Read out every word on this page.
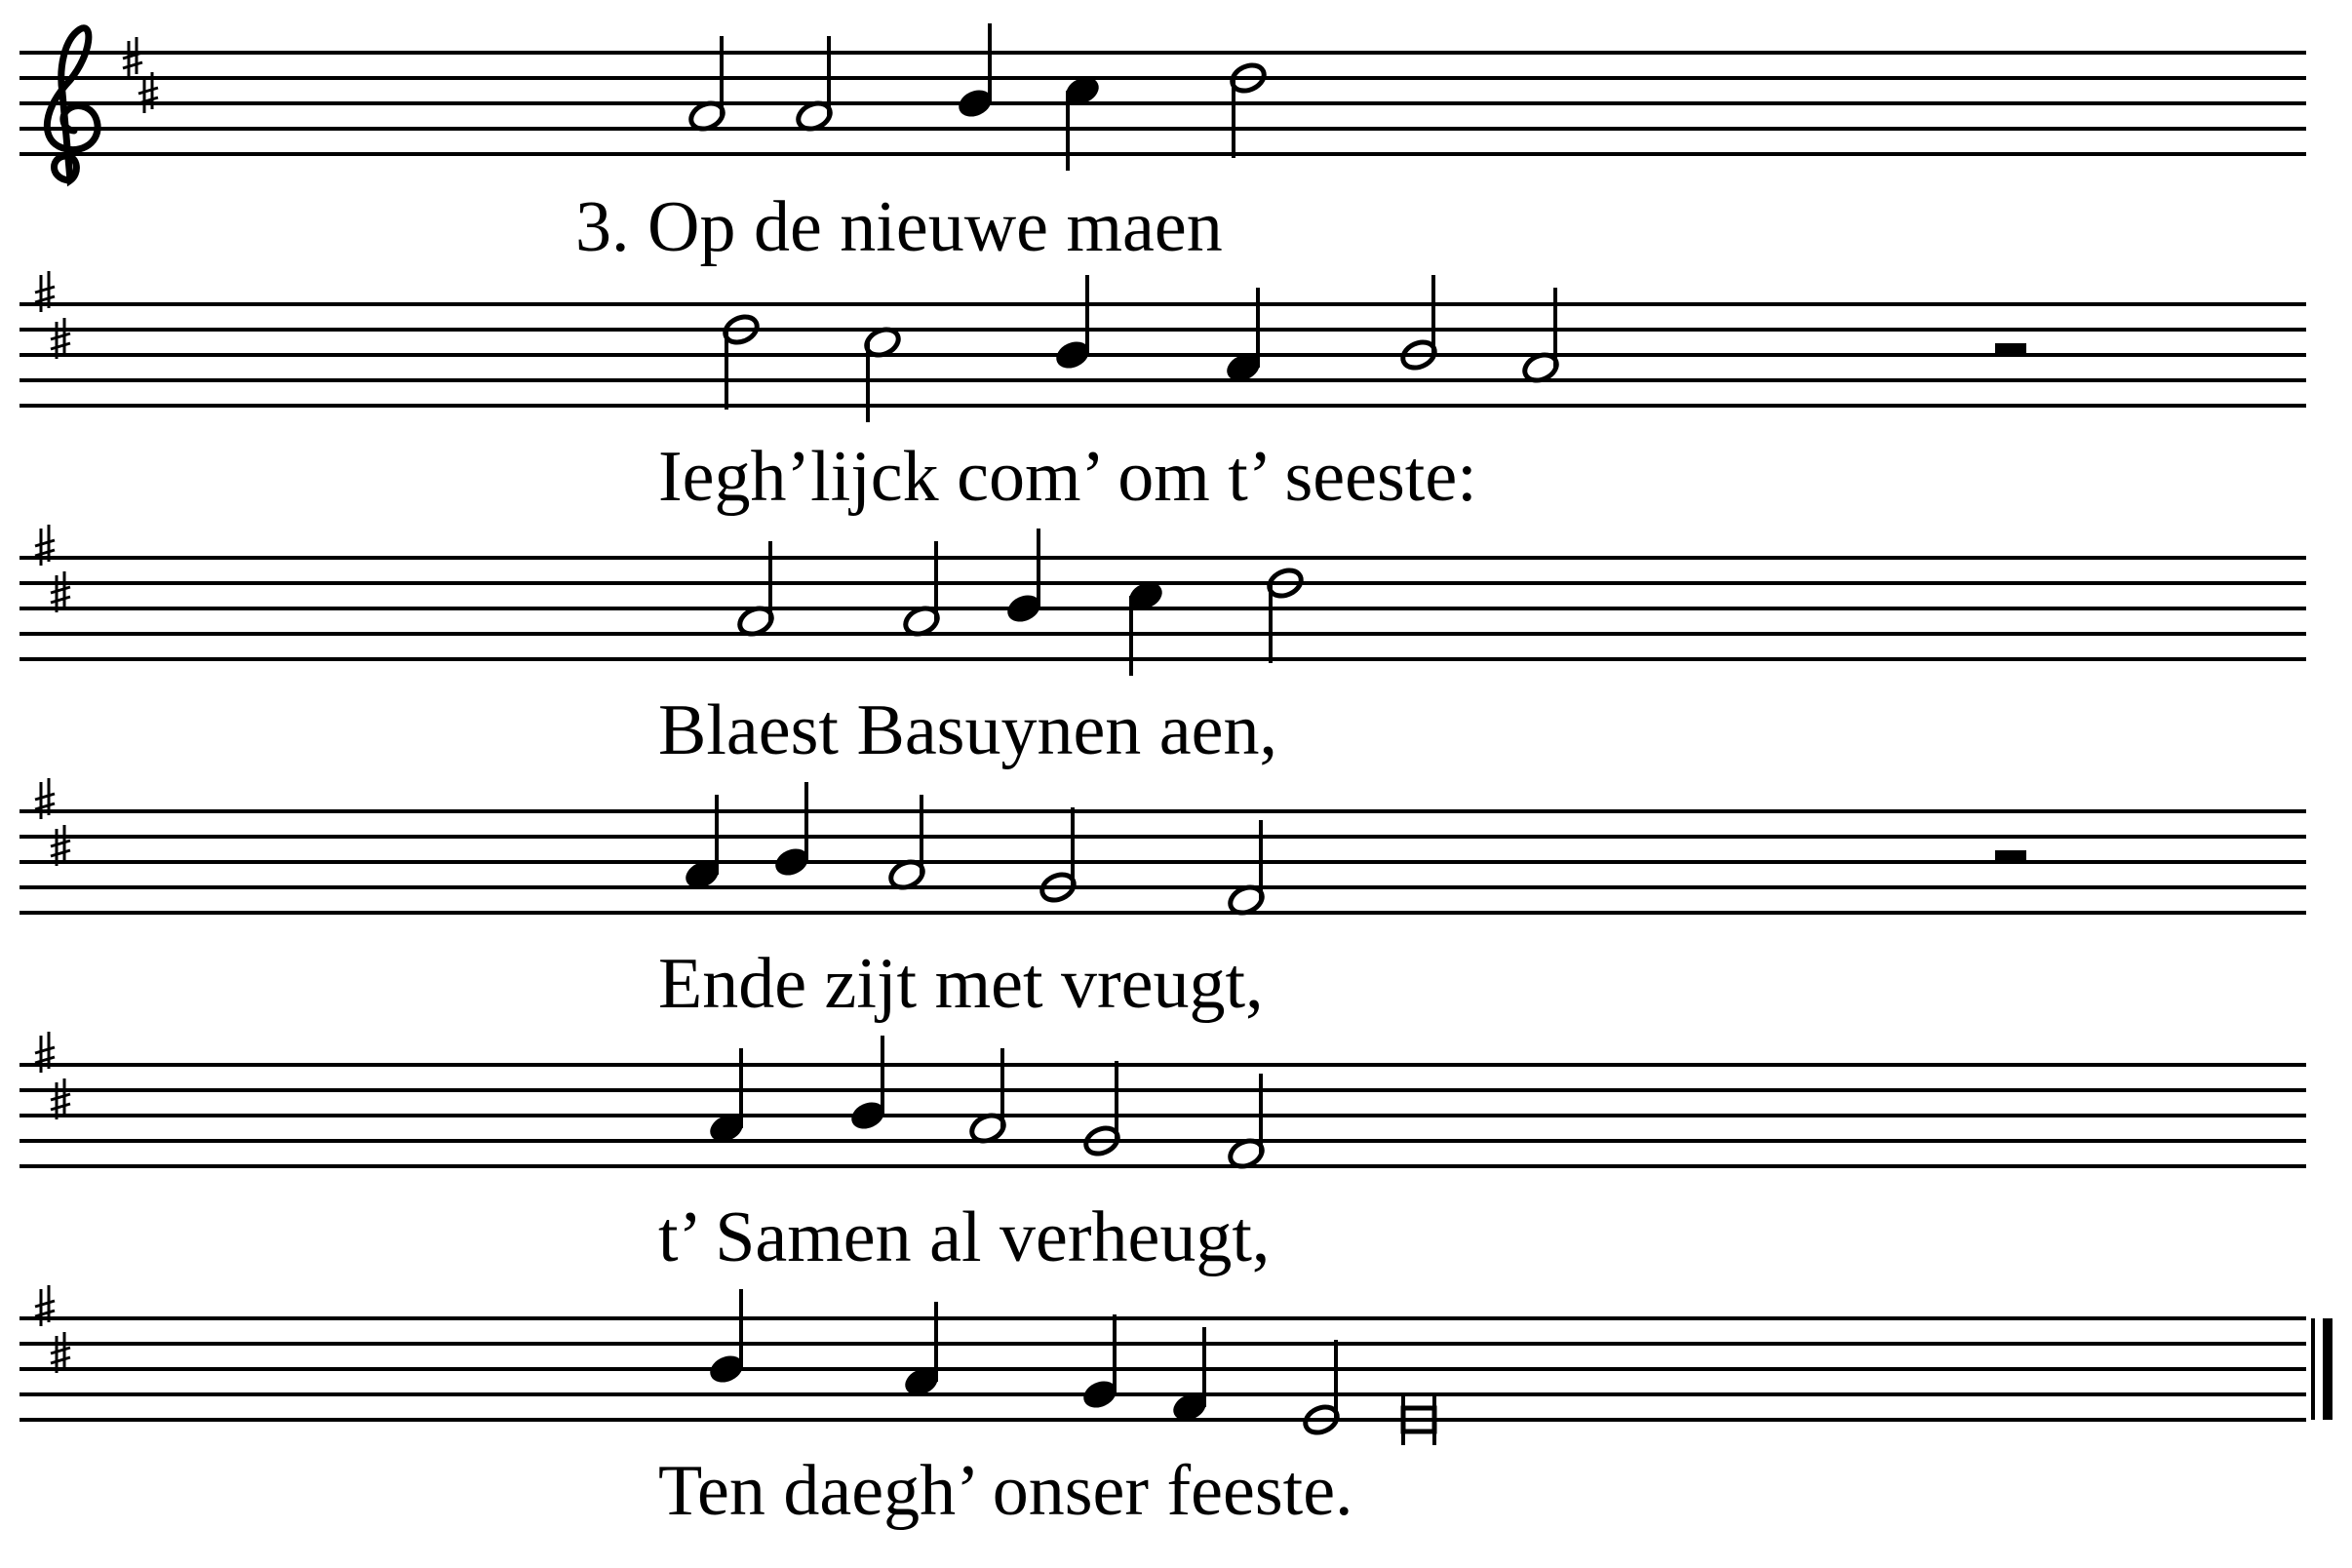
3. Op de nieuwe maen
Iegh’lijck com’ om t’ seeste:
Blaest Basuynen aen,
Ende zijt met vreugt,
t’ Samen al verheugt,
Ten daegh’ onser feeste.
